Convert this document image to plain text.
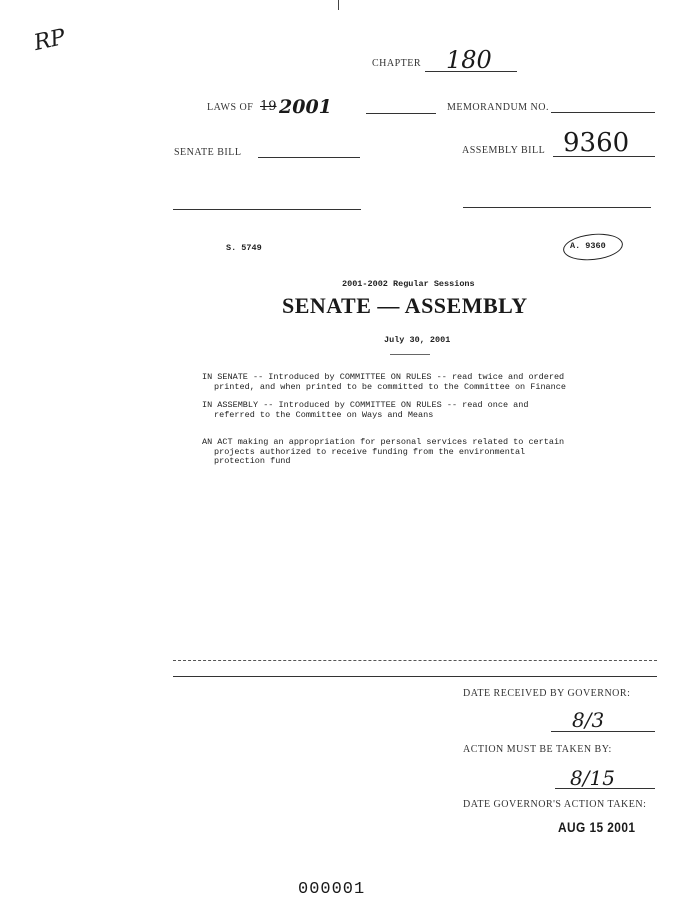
RP
CHAPTER 180
LAWS OF 19 2001	MEMORANDUM NO.
SENATE BILL	ASSEMBLY BILL 9360
S. 5749	A. 9360
2001-2002 Regular Sessions
SENATE — ASSEMBLY
July 30, 2001

IN SENATE -- Introduced by COMMITTEE ON RULES -- read twice and ordered

printed, and when printed to be committed to the Committee on Finance

IN ASSEMBLY -- Introduced by COMMITTEE ON RULES -- read once and

referred to the Committee on Ways and Means

AN ACT making an appropriation for personal services related to certain

projects authorized to receive funding from the environmental

protection fund

DATE RECEIVED BY GOVERNOR:
8/3
ACTION MUST BE TAKEN BY:
8/15
DATE GOVERNOR'S ACTION TAKEN:
AUG 15 2001
000001
